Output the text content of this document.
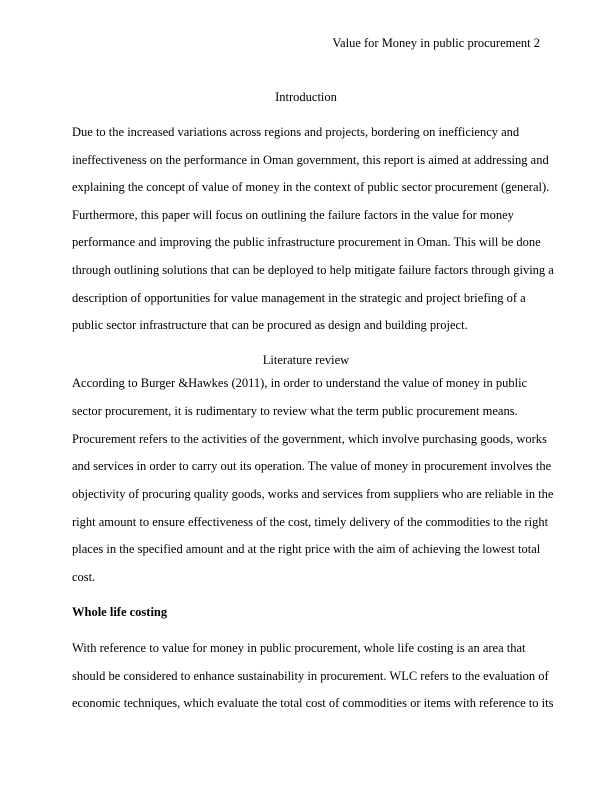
Value for Money in public procurement 2
Introduction
Due to the increased variations across regions and projects, bordering on inefficiency and
ineffectiveness on the performance in Oman government, this report is aimed at addressing and
explaining the concept of value of money in the context of public sector procurement (general).
Furthermore, this paper will focus on outlining the failure factors in the value for money
performance and improving the public infrastructure procurement in Oman. This will be done
through outlining solutions that can be deployed to help mitigate failure factors through giving a
description of opportunities for value management in the strategic and project briefing of a
public sector infrastructure that can be procured as design and building project.
Literature review
According to Burger &Hawkes (2011), in order to understand the value of money in public
sector procurement, it is rudimentary to review what the term public procurement means.
Procurement refers to the activities of the government, which involve purchasing goods, works
and services in order to carry out its operation. The value of money in procurement involves the
objectivity of procuring quality goods, works and services from suppliers who are reliable in the
right amount to ensure effectiveness of the cost, timely delivery of the commodities to the right
places in the specified amount and at the right price with the aim of achieving the lowest total
cost.
Whole life costing
With reference to value for money in public procurement, whole life costing is an area that
should be considered to enhance sustainability in procurement. WLC refers to the evaluation of
economic techniques, which evaluate the total cost of commodities or items with reference to its
